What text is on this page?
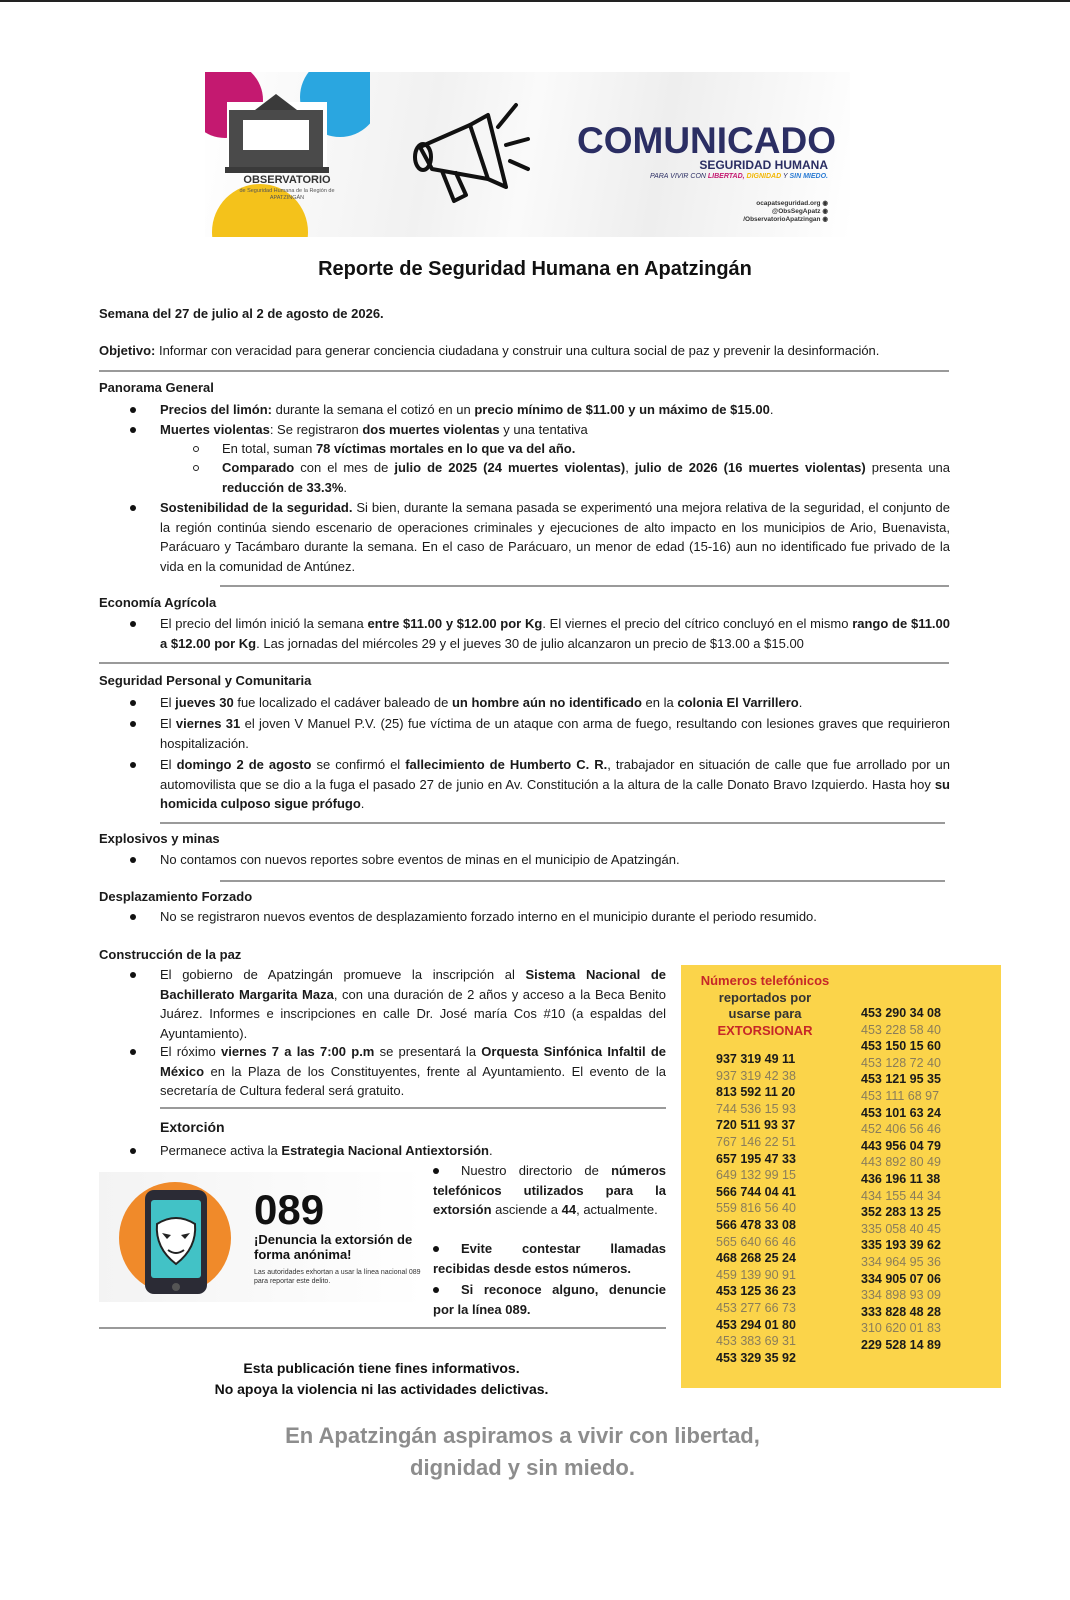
OBSERVATORIO
de Seguridad Humana de la Región de APATZINGÁN
COMUNICADO
SEGURIDAD HUMANA
PARA VIVIR CON LIBERTAD, DIGNIDAD Y SIN MIEDO.
ocapatseguridad.org ◉
@ObsSegApatz ◉
/ObservatorioApatzingan ◉
Reporte de Seguridad Humana en Apatzingán
Semana del 27 de julio al 2 de agosto de 2026.
Objetivo: Informar con veracidad para generar conciencia ciudadana y construir una cultura social de paz y prevenir la desinformación.
Panorama General
Precios del limón: durante la semana el cotizó en un precio mínimo de $11.00 y un máximo de $15.00.
Muertes violentas: Se registraron dos muertes violentas y una tentativa
En total, suman 78 víctimas mortales en lo que va del año.
Comparado con el mes de julio de 2025 (24 muertes violentas), julio de 2026 (16 muertes violentas) presenta una reducción de 33.3%.
Sostenibilidad de la seguridad. Si bien, durante la semana pasada se experimentó una mejora relativa de la seguridad, el conjunto de la región continúa siendo escenario de operaciones criminales y ejecuciones de alto impacto en los municipios de Ario, Buenavista, Parácuaro y Tacámbaro durante la semana. En el caso de Parácuaro, un menor de edad (15-16) aun no identificado fue privado de la vida en la comunidad de Antúnez.
Economía Agrícola
El precio del limón inició la semana entre $11.00 y $12.00 por Kg. El viernes el precio del cítrico concluyó en el mismo rango de $11.00 a $12.00 por Kg. Las jornadas del miércoles 29 y el jueves 30 de julio alcanzaron un precio de $13.00 a $15.00
Seguridad Personal y Comunitaria
El jueves 30 fue localizado el cadáver baleado de un hombre aún no identificado en la colonia El Varrillero.
El viernes 31 el joven V Manuel P.V. (25) fue víctima de un ataque con arma de fuego, resultando con lesiones graves que requirieron hospitalización.
El domingo 2 de agosto se confirmó el fallecimiento de Humberto C. R., trabajador en situación de calle que fue arrollado por un automovilista que se dio a la fuga el pasado 27 de junio en Av. Constitución a la altura de la calle Donato Bravo Izquierdo. Hasta hoy su homicida culposo sigue prófugo.
Explosivos y minas
No contamos con nuevos reportes sobre eventos de minas en el municipio de Apatzingán.
Desplazamiento Forzado
No se registraron nuevos eventos de desplazamiento forzado interno en el municipio durante el periodo resumido.
Construcción de la paz
El gobierno de Apatzingán promueve la inscripción al Sistema Nacional de Bachillerato Margarita Maza, con una duración de 2 años y acceso a la Beca Benito Juárez. Informes e inscripciones en calle Dr. José maría Cos #10 (a espaldas del Ayuntamiento).
El róximo viernes 7 a las 7:00 p.m se presentará la Orquesta Sinfónica Infaltil de México en la Plaza de los Constituyentes, frente al Ayuntamiento. El evento de la secretaría de Cultura federal será gratuito.
Extorción
Permanece activa la Estrategia Nacional Antiextorsión.
089
¡Denuncia la extorsión de forma anónima!
Las autoridades exhortan a usar la línea nacional 089 para reportar este delito.
Nuestro directorio de números telefónicos utilizados para la extorsión asciende a 44, actualmente.
Evite contestar llamadas recibidas desde estos números.
Si reconoce alguno, denuncie por la línea 089.
Números telefónicos
reportados por
usarse para
EXTORSIONAR
937 319 49 11
937 319 42 38
813 592 11 20
744 536 15 93
720 511 93 37
767 146 22 51
657 195 47 33
649 132 99 15
566 744 04 41
559 816 56 40
566 478 33 08
565 640 66 46
468 268 25 24
459 139 90 91
453 125 36 23
453 277 66 73
453 294 01 80
453 383 69 31
453 329 35 92
453 290 34 08
453 228 58 40
453 150 15 60
453 128 72 40
453 121 95 35
453 111 68 97
453 101 63 24
452 406 56 46
443 956 04 79
443 892 80 49
436 196 11 38
434 155 44 34
352 283 13 25
335 058 40 45
335 193 39 62
334 964 95 36
334 905 07 06
334 898 93 09
333 828 48 28
310 620 01 83
229 528 14 89
Esta publicación tiene fines informativos.
No apoya la violencia ni las actividades delictivas.
En Apatzingán aspiramos a vivir con libertad,
dignidad y sin miedo.
